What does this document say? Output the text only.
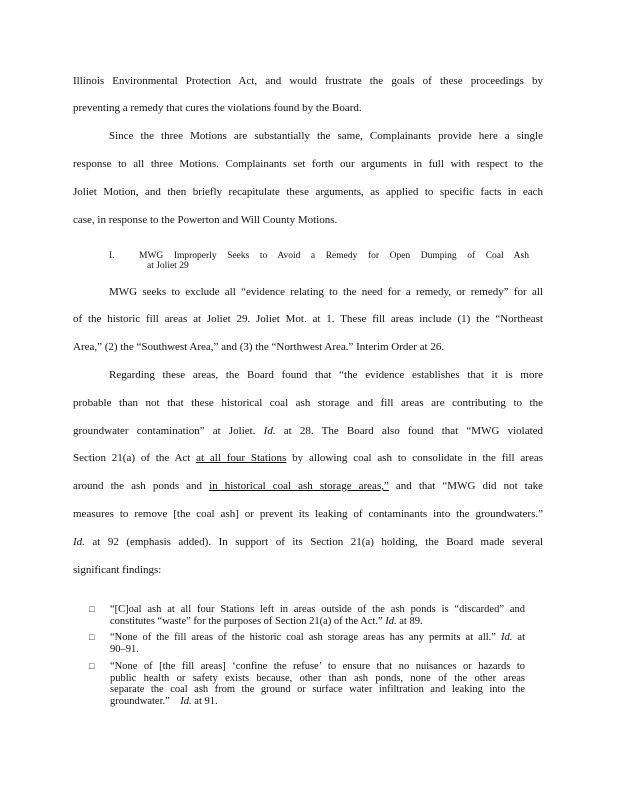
Illinois Environmental Protection Act, and would frustrate the goals of these proceedings by
preventing a remedy that cures the violations found by the Board.
Since the three Motions are substantially the same, Complainants provide here a single
response to all three Motions. Complainants set forth our arguments in full with respect to the
Joliet Motion, and then briefly recapitulate these arguments, as applied to specific facts in each
case, in response to the Powerton and Will County Motions.
I.	MWG Improperly Seeks to Avoid a Remedy for Open Dumping of Coal Ash
at Joliet 29
MWG seeks to exclude all “evidence relating to the need for a remedy, or remedy” for all
of the historic fill areas at Joliet 29. Joliet Mot. at 1. These fill areas include (1) the “Northeast
Area,” (2) the “Southwest Area,” and (3) the “Northwest Area.” Interim Order at 26.
Regarding these areas, the Board found that “the evidence establishes that it is more
probable than not that these historical coal ash storage and fill areas are contributing to the
groundwater contamination” at Joliet. Id. at 28. The Board also found that “MWG violated
Section 21(a) of the Act at all four Stations by allowing coal ash to consolidate in the fill areas
around the ash ponds and in historical coal ash storage areas,” and that “MWG did not take
measures to remove [the coal ash] or prevent its leaking of contaminants into the groundwaters.”
Id. at 92 (emphasis added). In support of its Section 21(a) holding, the Board made several
significant findings:
□ “[C]oal ash at all four Stations left in areas outside of the ash ponds is “discarded” and
constitutes “waste” for the purposes of Section 21(a) of the Act.” Id. at 89.
□ “None of the fill areas of the historic coal ash storage areas has any permits at all.” Id. at
90–91.
□ “None of [the fill areas] ‘confine the refuse’ to ensure that no nuisances or hazards to
public health or safety exists because, other than ash ponds, none of the other areas
separate the coal ash from the ground or surface water infiltration and leaking into the
groundwater.” Id. at 91.
